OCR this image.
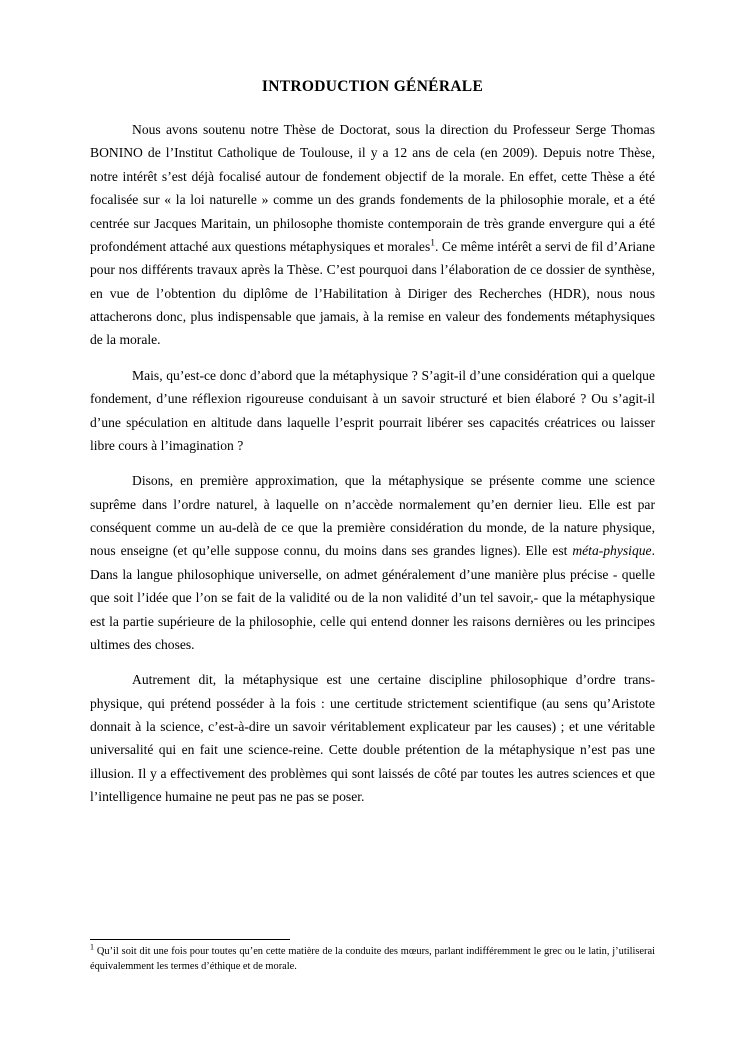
INTRODUCTION GÉNÉRALE

Nous avons soutenu notre Thèse de Doctorat, sous la direction du Professeur Serge Thomas BONINO de l’Institut Catholique de Toulouse, il y a 12 ans de cela (en 2009). Depuis notre Thèse, notre intérêt s’est déjà focalisé autour de fondement objectif de la morale. En effet, cette Thèse a été focalisée sur « la loi naturelle » comme un des grands fondements de la philosophie morale, et a été centrée sur Jacques Maritain, un philosophe thomiste contemporain de très grande envergure qui a été profondément attaché aux questions métaphysiques et morales$^1$. Ce même intérêt a servi de fil d’Ariane pour nos différents travaux après la Thèse. C’est pourquoi dans l’élaboration de ce dossier de synthèse, en vue de l’obtention du diplôme de l’Habilitation à Diriger des Recherches (HDR), nous nous attacherons donc, plus indispensable que jamais, à la remise en valeur des fondements métaphysiques de la morale.

Mais, qu’est-ce donc d’abord que la métaphysique ? S’agit-il d’une considération qui a quelque fondement, d’une réflexion rigoureuse conduisant à un savoir structuré et bien élaboré ? Ou s’agit-il d’une spéculation en altitude dans laquelle l’esprit pourrait libérer ses capacités créatrices ou laisser libre cours à l’imagination ?

Disons, en première approximation, que la métaphysique se présente comme une science suprême dans l’ordre naturel, à laquelle on n’accède normalement qu’en dernier lieu. Elle est par conséquent comme un au-delà de ce que la première considération du monde, de la nature physique, nous enseigne (et qu’elle suppose connu, du moins dans ses grandes lignes). Elle est méta-physique. Dans la langue philosophique universelle, on admet généralement d’une manière plus précise - quelle que soit l’idée que l’on se fait de la validité ou de la non validité d’un tel savoir,- que la métaphysique est la partie supérieure de la philosophie, celle qui entend donner les raisons dernières ou les principes ultimes des choses.

Autrement dit, la métaphysique est une certaine discipline philosophique d’ordre trans-physique, qui prétend posséder à la fois : une certitude strictement scientifique (au sens qu’Aristote donnait à la science, c’est-à-dire un savoir véritablement explicateur par les causes) ; et une véritable universalité qui en fait une science-reine. Cette double prétention de la métaphysique n’est pas une illusion. Il y a effectivement des problèmes qui sont laissés de côté par toutes les autres sciences et que l’intelligence humaine ne peut pas ne pas se poser.

$^1$ Qu’il soit dit une fois pour toutes qu’en cette matière de la conduite des mœurs, parlant indifféremment le grec ou le latin, j’utiliserai équivalemment les termes d’éthique et de morale.
